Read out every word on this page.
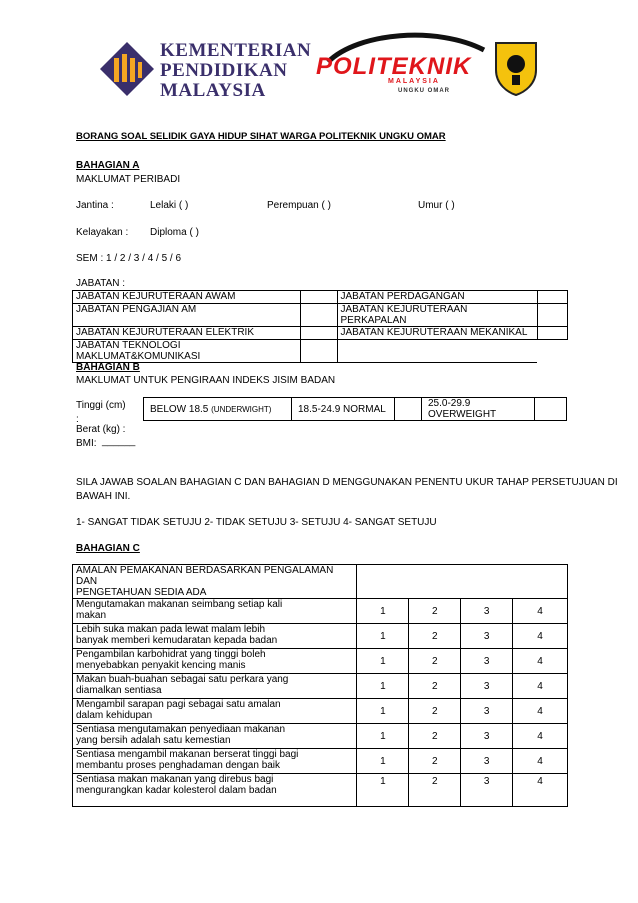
KEMENTERIAN
PENDIDIKAN
MALAYSIA
POLITEKNIK
MALAYSIA
UNGKU OMAR
BORANG SOAL SELIDIK GAYA HIDUP SIHAT WARGA POLITEKNIK UNGKU OMAR
BAHAGIAN A
MAKLUMAT PERIBADI
Jantina :	Lelaki ( )	Perempuan ( )	Umur ( )
Kelayakan : Diploma ( )
SEM : 1 / 2 / 3 / 4 / 5 / 6
JABATAN :
JABATAN KEJURUTERAAN AWAM		JABATAN PERDAGANGAN	
JABATAN PENGAJIAN AM		JABATAN KEJURUTERAAN PERKAPALAN	
JABATAN KEJURUTERAAN ELEKTRIK		JABATAN KEJURUTERAAN MEKANIKAL	
JABATAN TEKNOLOGI MAKLUMAT&KOMUNIKASI			
BAHAGIAN B
MAKLUMAT UNTUK PENGIRAAN INDEKS JISIM BADAN
Tinggi (cm)
:
Berat (kg) :
BMI: ______
BELOW 18.5 (UNDERWIGHT)	18.5-24.9 NORMAL		25.0-29.9 OVERWEIGHT	
SILA JAWAB SOALAN BAHAGIAN C DAN BAHAGIAN D MENGGUNAKAN PENENTU UKUR TAHAP PERSETUJUAN DI
BAWAH INI.
1- SANGAT TIDAK SETUJU 2- TIDAK SETUJU 3- SETUJU 4- SANGAT SETUJU
BAHAGIAN C
AMALAN PEMAKANAN BERDASARKAN PENGALAMAN DAN
PENGETAHUAN SEDIA ADA				

Mengutamakan makanan seimbang setiap kali
makan	1	2	3	4

Lebih suka makan pada lewat malam lebih
banyak memberi kemudaratan kepada badan	1	2	3	4

Pengambilan karbohidrat yang tinggi boleh
menyebabkan penyakit kencing manis	1	2	3	4

Makan buah-buahan sebagai satu perkara yang
diamalkan sentiasa	1	2	3	4

Mengambil sarapan pagi sebagai satu amalan
dalam kehidupan	1	2	3	4

Sentiasa mengutamakan penyediaan makanan
yang bersih adalah satu kemestian	1	2	3	4

Sentiasa mengambil makanan berserat tinggi bagi
membantu proses penghadaman dengan baik	1	2	3	4

Sentiasa makan makanan yang direbus bagi
mengurangkan kadar kolesterol dalam badan	1	2	3	4
